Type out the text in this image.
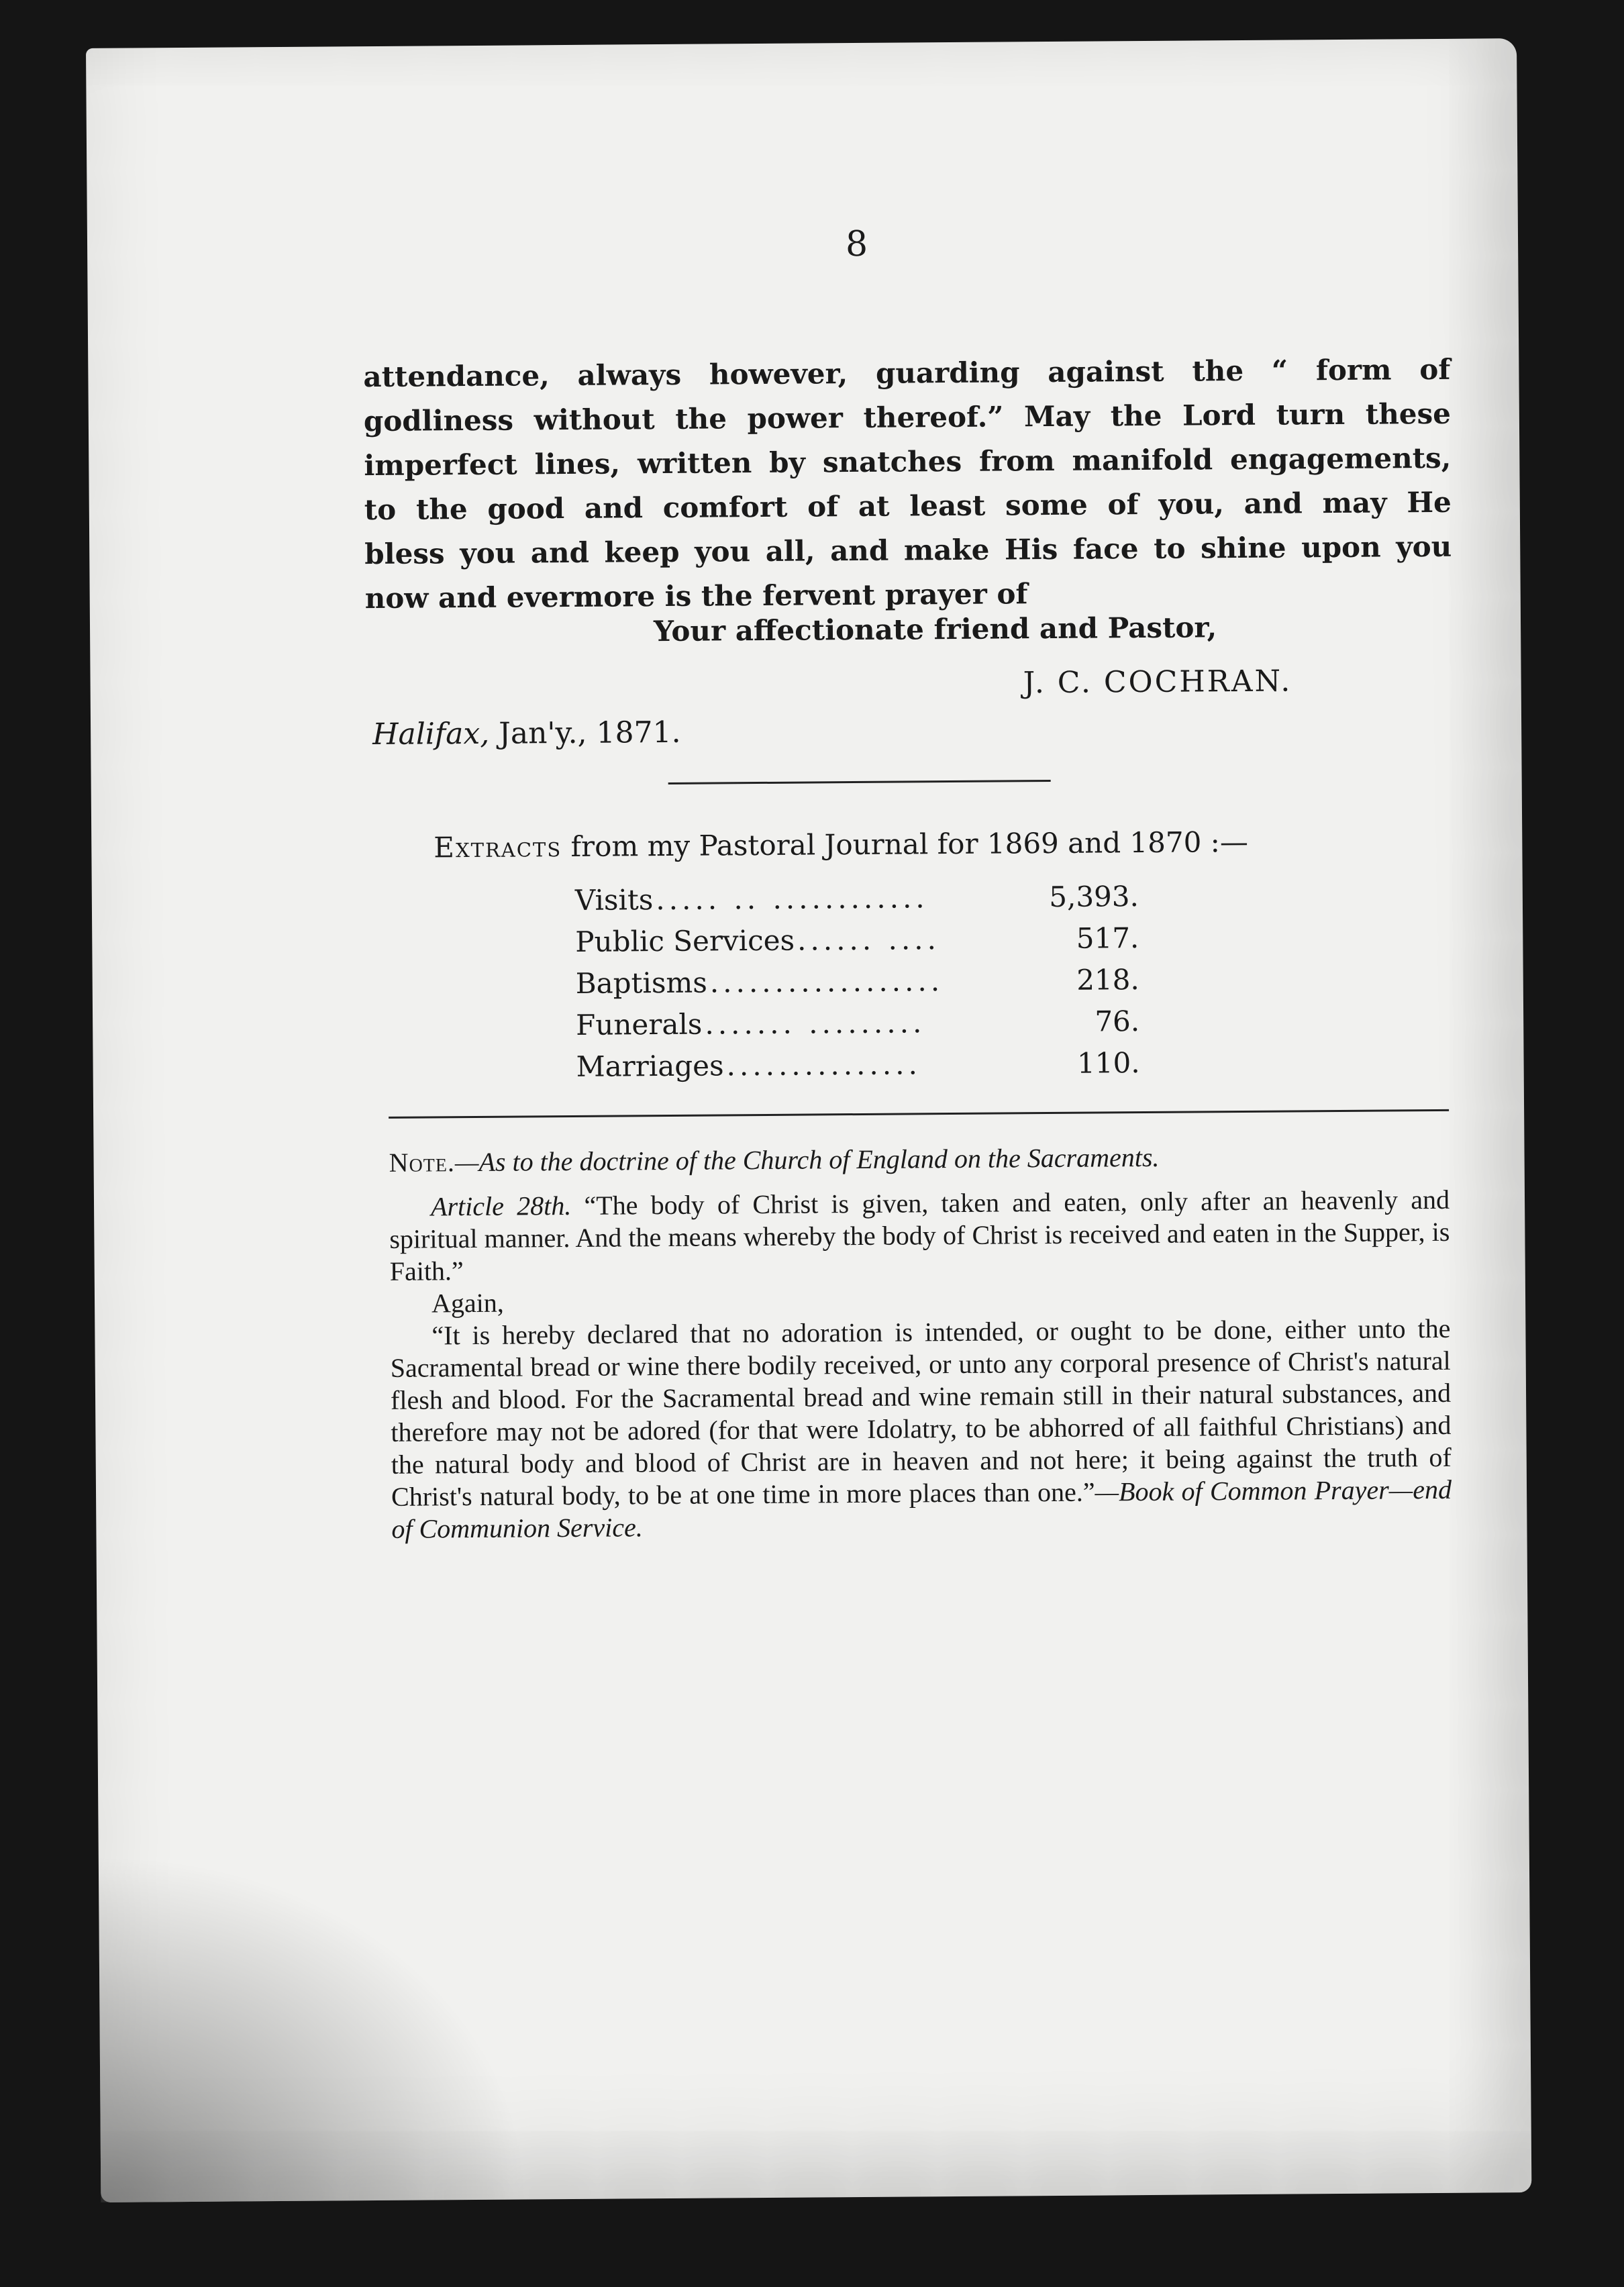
8
attendance, always however, guarding against the “ form of
godliness without the power thereof.” May the Lord turn these
imperfect lines, written by snatches from manifold engagements,
to the good and comfort of at least some of you, and may He
bless you and keep you all, and make His face to shine upon you
now and evermore is the fervent prayer of
Your affectionate friend and Pastor,
J. C. COCHRAN.
Halifax, Jan'y., 1871.
Extracts from my Pastoral Journal for 1869 and 1870 :—
Visits ..... .. ............	5,393.
Public Services ...... ....	517.
Baptisms ..................	218.
Funerals ....... .........	76.
Marriages ...............	110.

Note.—As to the doctrine of the Church of England on the Sacraments.

Article 28th. “The body of Christ is given, taken and eaten, only after an heavenly and spiritual manner. And the means whereby the body of Christ is received and eaten in the Supper, is Faith.”

Again,

“It is hereby declared that no adoration is intended, or ought to be done, either unto the Sacramental bread or wine there bodily received, or unto any corporal presence of Christ's natural flesh and blood. For the Sacramental bread and wine remain still in their natural substances, and therefore may not be adored (for that were Idolatry, to be abhorred of all faithful Christians) and the natural body and blood of Christ are in heaven and not here; it being against the truth of Christ's natural body, to be at one time in more places than one.”—Book of Common Prayer—end of Communion Service.
